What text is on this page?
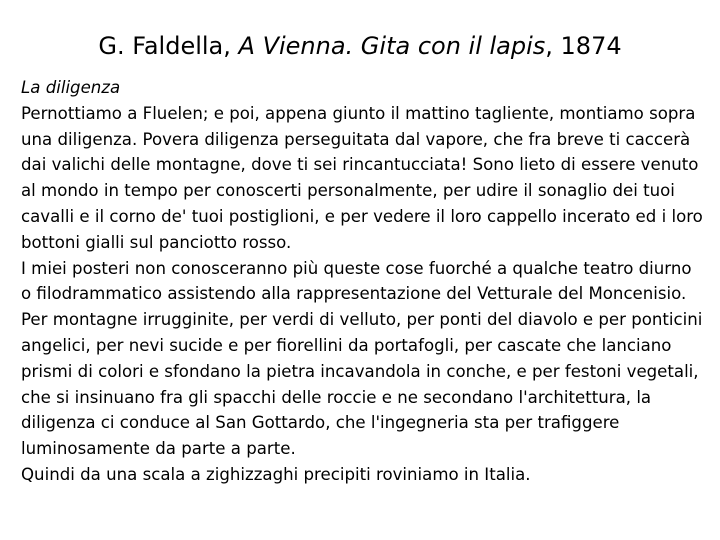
G. Faldella, A Vienna. Gita con il lapis, 1874

La diligenza

Pernottiamo a Fluelen; e poi, appena giunto il mattino tagliente, montiamo sopra una diligenza. Povera diligenza perseguitata dal vapore, che fra breve ti caccerà dai valichi delle montagne, dove ti sei rincantucciata! Sono lieto di essere venuto al mondo in tempo per conoscerti personalmente, per udire il sonaglio dei tuoi cavalli e il corno de' tuoi postiglioni, e per vedere il loro cappello incerato ed i loro bottoni gialli sul panciotto rosso.

I miei posteri non conosceranno più queste cose fuorché a qualche teatro diurno o filodrammatico assistendo alla rappresentazione del Vetturale del Moncenisio.

Per montagne irrugginite, per verdi di velluto, per ponti del diavolo e per ponticini angelici, per nevi sucide e per fiorellini da portafogli, per cascate che lanciano prismi di colori e sfondano la pietra incavandola in conche, e per festoni vegetali, che si insinuano fra gli spacchi delle roccie e ne secondano l'architettura, la diligenza ci conduce al San Gottardo, che l'ingegneria sta per trafiggere luminosamente da parte a parte.

Quindi da una scala a zighizzaghi precipiti roviniamo in Italia.
